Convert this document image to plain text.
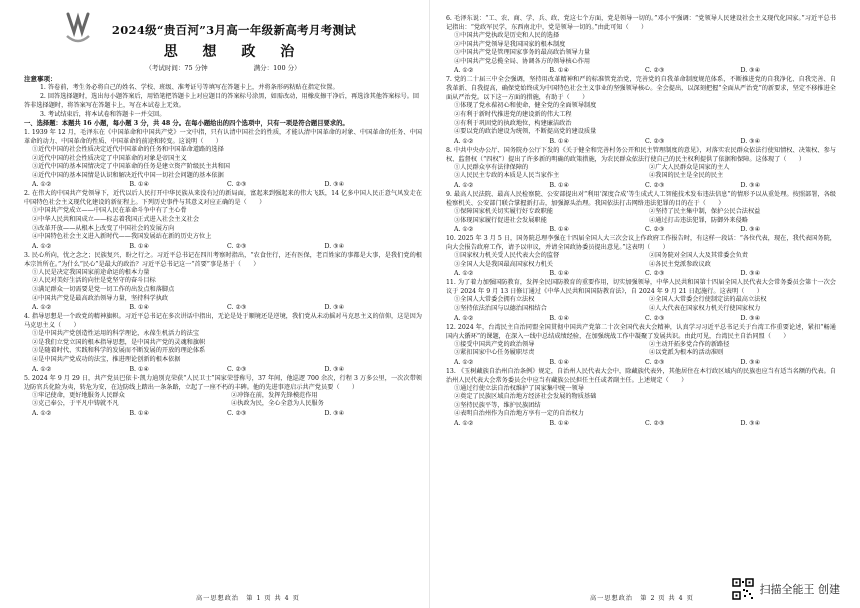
2024级“贵百河”3月高一年级新高考月考测试
思 想 政 治
（考试时间：75 分钟	满分：100 分）
注意事项：

1. 答卷前，考生务必将自己的姓名、学校、班级、准考证号等填写在答题卡上，并将条形码粘贴在指定位置。

2. 回答选择题时，选出每小题答案后，用铅笔把答题卡上对应题目的答案标号涂黑，如需改动，用橡皮擦干净后，再选涂其他答案标号。回答非选择题时，将答案写在答题卡上，写在本试卷上无效。

3. 考试结束后，将本试卷和答题卡一并交回。

一、选择题：本题共 16 小题，每小题 3 分，共 48 分。在每小题给出的四个选项中，只有一项是符合题目要求的。

1. 1939 年 12 月，毛泽东在《中国革命和中国共产党》一文中指，只有认清中国社会的性质，才能认清中国革命的对象、中国革命的任务、中国革命的动力、中国革命的性质、中国革命的前途和转变。这说明（　　）

①近代中国的社会性质决定近代中国革命的任务和中国革命道路的选择

②近代中国的社会性质决定了中国革命的对象是帝国主义

③近代中国的基本国情决定了中国革命的任务是建立资产阶级民主共和国

④近代中国的基本国情是认识和解决近代中国一切社会问题的基本依据

A. ①②	B. ①④	C. ②③	D. ③④

2. 在伟大的中国共产党领导下，近代以后人民打开中华民族从来没有过的新局面，富起来到强起来的伟大飞跃，14 亿多中国人民正意气风发走在中国特色社会主义现代化建设的新征程上。下列历史事件与其意义对应正确的是（　　）

①中国共产党成立——中国人民在革命斗争中有了主心骨

②中华人民共和国成立——标志着我国正式进入社会主义社会

③改革开放——从根本上改变了中国社会的发展方向

④中国特色社会主义进入新时代——我国发展站在新的历史方位上

A. ①②	B. ①④	C. ②③	D. ③④

3. 民心所向，忧之念之；民族复兴，盼之行之。习近平总书记在四川考察时指出，“农食住行，还有医保，老百姓家的事都是大事，是我们党的根本宗旨所在。”为什么“民心”是最大的政治？习近平总书记这一“首要”事是基于（　　）

①人民是决定我国国家前途命运的根本力量

②人民对美好生活的向往是党坚守的奋斗目标

③满足群众一切需要是党一切工作的出发点和落脚点

④中国共产党是最高政治领导力量，坚持科学执政

A. ①②	B. ①④	C. ②③	D. ③④

4. 指导思想是一个政党的精神旗帜。习近平总书记在多次讲话中指出，无论是处于顺境还是逆境，我们党从未动摇对马克思主义的信仰，这是因为马克思主义（　　）

①是中国共产党创造性运用的科学理论，永葆生机活力的法宝

②是我们立党立国的根本指导思想，是中国共产党的灵魂和旗帜

③是随着时代、实践和科学的发展而不断发展的开放的理论体系

④是中国共产党成功的法宝，推进理论创新的根本依据

A. ①②	B. ①④	C. ②③	D. ③④

5. 2024 年 9 月 29 日，共产党员巴依卡·凯力迪别克荣获“人民卫士”国家荣誉称号，37 年间，他巡逻 700 余次，行程 3 万多公里，一次次带领边防官兵化险为夷，转危为安，在边防线上踏出一条条路，立起了一座不朽的丰碑。他的先进事迹启示共产党员要（　　）

①牢记使命，更好地服务人民群众	②冲锋在前，发挥先锋模范作用

③克己奉公，于平凡中铸就不凡	④执政为民，全心全意为人民服务

A. ①②	B. ①④	C. ②③	D. ③④
高一思想政治　第 1 页 共 4 页

6. 毛泽东说：“工、农、商、学、兵、政、党这七个方面，党是领导一切的。”邓小平强调：“党领导人民建设社会主义现代化国家。”习近平总书记指出：“党政军民学，东西南北中，党是领导一切的。”由此可知（　　）

①中国共产党执政是历史和人民的选择

②中国共产党领导是我国国家的根本制度

③中国共产党是管理国家事务的最高政治领导力量

④中国共产党总揽全局、协调各方的领导核心作用

A. ①②	B. ①④	C. ②③	D. ③④

7. 党的二十届三中全会强调，坚持用改革精神和严的标准管党治党，完善党的自我革命制度规范体系，不断推进党的自我净化、自我完善、自我革新、自我提高，确保党始终成为中国特色社会主义事业的坚强领导核心。全会提出，以深刻把握“全面从严治党”的新要求，坚定不移推进全面从严治党。以下这一方面的措施，有助于（　　）

①体现了党永葆初心和使命，健全党的全面领导制度

②有利于新时代推进党的建设新的伟大工程

③有利于巩固党的执政地位，构建廉洁政治

④要以党的政治建设为统领，不断提高党的建设质量

A. ①②	B. ①④	C. ②③	D. ③④

8. 中共中央办公厅、国务院办公厅下发的《关于健全和完善村务公开和民主管理制度的意见》，对落实农民群众依法行使知情权、决策权、参与权、监督权（“四权”）提出了许多新的明确的政策措施，为农民群众依法行使自己的民主权利提供了依据和保障。这体现了（　　）

①人民群众享有法律保障的	②广大人民群众是国家的主人

③人民民主专政的本质是人民当家作主	④我国的民主是全民的民主

A. ①②	B. ①④	C. ②③	D. ③④

9. 最高人民法院、最高人民检察院、公安部提出对“利用‘深度合成’等生成式人工智能技术发布违法信息”的情形予以从重处理。按照部署，各级检察机关、公安部门联合掌握新打击，加强源头治理。我国依法打击网络违法犯罪的目的在于（　　）

①保障国家机关切实履行好专政职能	②坚持了民主集中制，保护公民合法权益

③体现国家履行促进社会发展职能	④通过打击违法犯罪，防御外来侵略

A. ①②	B. ①④	C. ②③	D. ③④

10. 2025 年 3 月 5 日，国务院总理李强在十四届全国人大三次会议上作政府工作报告时，有这样一段话：“各位代表，现在，我代表国务院，向大会报告政府工作，请予以审议，并请全国政协委员提出意见。”这表明（　　）

①国家权力机关受人民代表大会的监督	②国务院对全国人大及其常委会负责

③全国人大是我国最高国家权力机关	④各民主党派参政议政

A. ①②	B. ①④	C. ②③	D. ③④

11. 为了着力加强国防教育，发挥全民国防教育的重要作用，切实加强领导，中华人民共和国第十四届全国人民代表大会常务委员会第十一次会议于 2024 年 9 月 13 日修订通过《中华人民共和国国防教育法》，自 2024 年 9 月 21 日起施行。这表明（　　）

①全国人大常委会拥有立法权	②全国人大常委会行使制定法的最高立法权

③坚持依法治国与以德治国相结合	④人大代表在国家权力机关行使国家权力

A. ①②	B. ①④	C. ②③	D. ③④

12. 2024 年，台湾民主自治同盟全国贯彻中国共产党第二十次全国代表大会精神，认真学习习近平总书记关于台湾工作重要论述，紧扣“畅通国内大循环”的课题，在深入一线中总结成绩经验，在加强统战工作中凝聚了发展共识。由此可见，台湾民主自治同盟（　　）

①接受中国共产党的政治领导	②主动开拓多党合作的新路径

③紧扣国家中心任务履职尽责	④以党派为根本的活动准则

A. ①②	B. ①④	C. ②③	D. ③④

13. 《玉树藏族自治州自治条例》规定，自治州人民代表大会中，除藏族代表外，其他居住在本行政区域内的民族也应当有适当名额的代表。自治州人民代表大会常务委员会中应当有藏族公民担任主任或者副主任。上述规定（　　）

①通过行使立法自治权维护了国家集中统一领导

②奠定了民族区域自治地方经济社会发展的物质基础

③坚持民族平等，维护民族团结

④表明自治州作为自治地方享有一定的自治权力

A. ①②	B. ①④	C. ②③	D. ③④
高一思想政治　第 2 页 共 4 页
扫描全能王 创建
